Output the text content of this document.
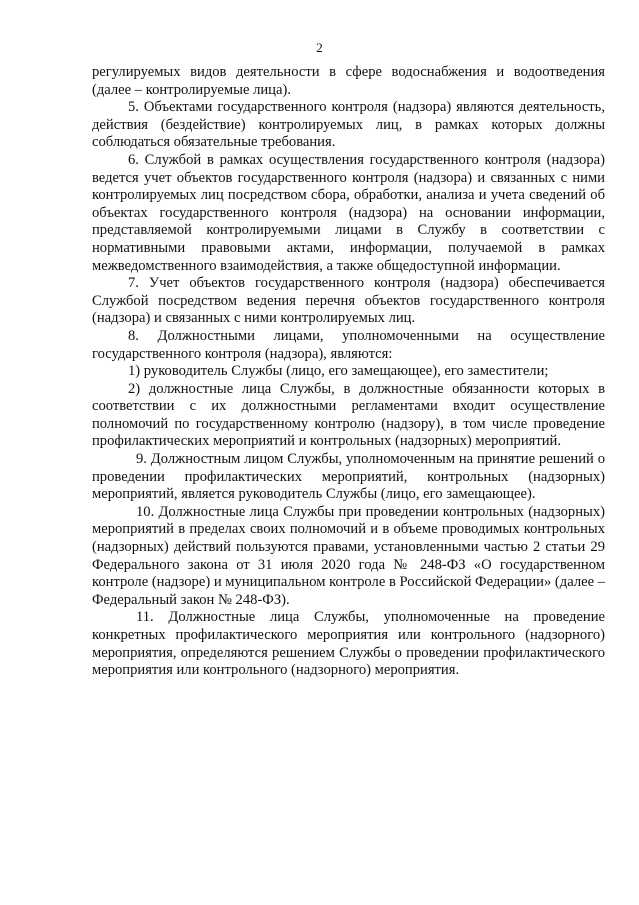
2

регулируемых видов деятельности в сфере водоснабжения и водоотведения (далее – контролируемые лица).

5. Объектами государственного контроля (надзора) являются деятельность, действия (бездействие) контролируемых лиц, в рамках которых должны соблюдаться обязательные требования.

6. Службой в рамках осуществления государственного контроля (надзора) ведется учет объектов государственного контроля (надзора) и связанных с ними контролируемых лиц посредством сбора, обработки, анализа и учета сведений об объектах государственного контроля (надзора) на основании информации, представляемой контролируемыми лицами в Службу в соответствии с нормативными правовыми актами, информации, получаемой в рамках межведомственного взаимодействия, а также общедоступной информации.

7. Учет объектов государственного контроля (надзора) обеспечивается Службой посредством ведения перечня объектов государственного контроля (надзора) и связанных с ними контролируемых лиц.

8. Должностными лицами, уполномоченными на осуществление государственного контроля (надзора), являются:

1) руководитель Службы (лицо, его замещающее), его заместители;

2) должностные лица Службы, в должностные обязанности которых в соответствии с их должностными регламентами входит осуществление полномочий по государственному контролю (надзору), в том числе проведение профилактических мероприятий и контрольных (надзорных) мероприятий.

9. Должностным лицом Службы, уполномоченным на принятие решений о проведении профилактических мероприятий, контрольных (надзорных) мероприятий, является руководитель Службы (лицо, его замещающее).

10. Должностные лица Службы при проведении контрольных (надзорных) мероприятий в пределах своих полномочий и в объеме проводимых контрольных (надзорных) действий пользуются правами, установленными частью 2 статьи 29 Федерального закона от 31 июля 2020 года № 248-ФЗ «О государственном контроле (надзоре) и муниципальном контроле в Российской Федерации» (далее – Федеральный закон № 248-ФЗ).

11. Должностные лица Службы, уполномоченные на проведение конкретных профилактического мероприятия или контрольного (надзорного) мероприятия, определяются решением Службы о проведении профилактического мероприятия или контрольного (надзорного) мероприятия.
